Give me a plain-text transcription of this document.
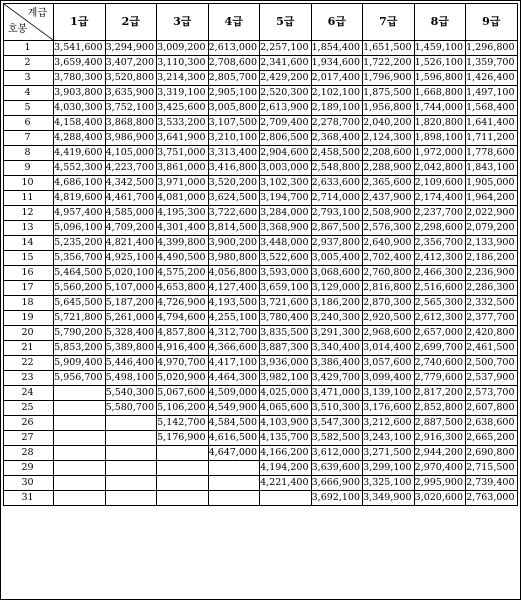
계급
호봉	1급	2급	3급	4급	5급	6급	7급	8급	9급
1	3,541,600	3,294,900	3,009,200	2,613,000	2,257,100	1,854,400	1,651,500	1,459,100	1,296,800
2	3,659,400	3,407,200	3,110,300	2,708,600	2,341,600	1,934,600	1,722,200	1,526,100	1,359,700
3	3,780,300	3,520,800	3,214,300	2,805,700	2,429,200	2,017,400	1,796,900	1,596,800	1,426,400
4	3,903,800	3,635,900	3,319,100	2,905,100	2,520,300	2,102,100	1,875,500	1,668,800	1,497,100
5	4,030,300	3,752,100	3,425,600	3,005,800	2,613,900	2,189,100	1,956,800	1,744,000	1,568,400
6	4,158,400	3,868,800	3,533,200	3,107,500	2,709,400	2,278,700	2,040,200	1,820,800	1,641,400
7	4,288,400	3,986,900	3,641,900	3,210,100	2,806,500	2,368,400	2,124,300	1,898,100	1,711,200
8	4,419,600	4,105,000	3,751,000	3,313,400	2,904,600	2,458,500	2,208,600	1,972,000	1,778,600
9	4,552,300	4,223,700	3,861,000	3,416,800	3,003,000	2,548,800	2,288,900	2,042,800	1,843,100
10	4,686,100	4,342,500	3,971,000	3,520,200	3,102,300	2,633,600	2,365,600	2,109,600	1,905,000
11	4,819,600	4,461,700	4,081,000	3,624,500	3,194,700	2,714,000	2,437,900	2,174,400	1,964,200
12	4,957,400	4,585,000	4,195,300	3,722,600	3,284,000	2,793,100	2,508,900	2,237,700	2,022,900
13	5,096,100	4,709,200	4,301,400	3,814,500	3,368,900	2,867,500	2,576,300	2,298,600	2,079,200
14	5,235,200	4,821,400	4,399,800	3,900,200	3,448,000	2,937,800	2,640,900	2,356,700	2,133,900
15	5,356,700	4,925,100	4,490,500	3,980,800	3,522,600	3,005,400	2,702,400	2,412,300	2,186,200
16	5,464,500	5,020,100	4,575,200	4,056,800	3,593,000	3,068,600	2,760,800	2,466,300	2,236,900
17	5,560,200	5,107,000	4,653,800	4,127,400	3,659,100	3,129,000	2,816,800	2,516,600	2,286,300
18	5,645,500	5,187,200	4,726,900	4,193,500	3,721,600	3,186,200	2,870,300	2,565,300	2,332,500
19	5,721,800	5,261,000	4,794,600	4,255,100	3,780,400	3,240,300	2,920,500	2,612,300	2,377,700
20	5,790,200	5,328,400	4,857,800	4,312,700	3,835,500	3,291,300	2,968,600	2,657,000	2,420,800
21	5,853,200	5,389,800	4,916,400	4,366,600	3,887,300	3,340,400	3,014,400	2,699,700	2,461,500
22	5,909,400	5,446,400	4,970,700	4,417,100	3,936,000	3,386,400	3,057,600	2,740,600	2,500,700
23	5,956,700	5,498,100	5,020,900	4,464,300	3,982,100	3,429,700	3,099,400	2,779,600	2,537,900
24		5,540,300	5,067,600	4,509,000	4,025,000	3,471,000	3,139,100	2,817,200	2,573,700
25		5,580,700	5,106,200	4,549,900	4,065,600	3,510,300	3,176,600	2,852,800	2,607,800
26			5,142,700	4,584,500	4,103,900	3,547,300	3,212,600	2,887,500	2,638,600
27			5,176,900	4,616,500	4,135,700	3,582,500	3,243,100	2,916,300	2,665,200
28				4,647,000	4,166,200	3,612,000	3,271,500	2,944,200	2,690,800
29					4,194,200	3,639,600	3,299,100	2,970,400	2,715,500
30					4,221,400	3,666,900	3,325,100	2,995,900	2,739,400
31						3,692,100	3,349,900	3,020,600	2,763,000
